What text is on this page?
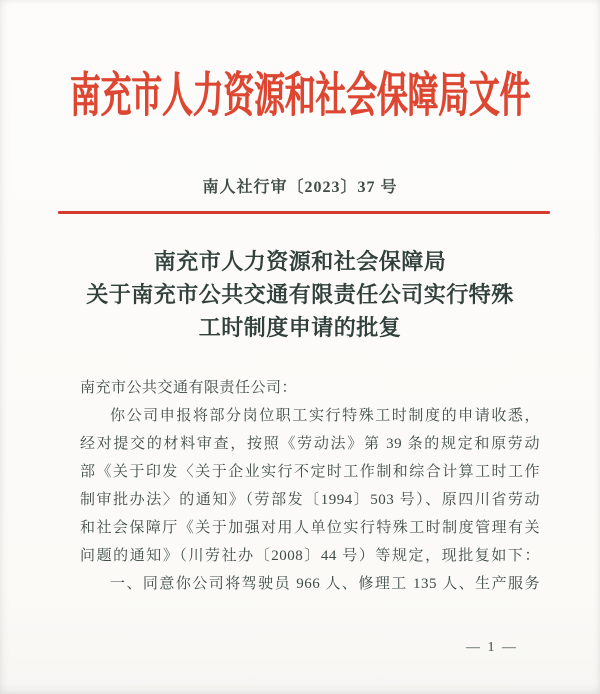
南充市人力资源和社会保障局文件
南人社行审〔2023〕37 号
南充市人力资源和社会保障局
关于南充市公共交通有限责任公司实行特殊
工时制度申请的批复
南充市公共交通有限责任公司：
你公司申报将部分岗位职工实行特殊工时制度的申请收悉，
经对提交的材料审查，按照《劳动法》第 39 条的规定和原劳动
部《关于印发〈关于企业实行不定时工作制和综合计算工时工作
制审批办法〉的通知》（劳部发〔1994〕503 号）、原四川省劳动
和社会保障厅《关于加强对用人单位实行特殊工时制度管理有关
问题的通知》（川劳社办〔2008〕44 号）等规定，现批复如下：
一、同意你公司将驾驶员 966 人、修理工 135 人、生产服务
— 1 —
